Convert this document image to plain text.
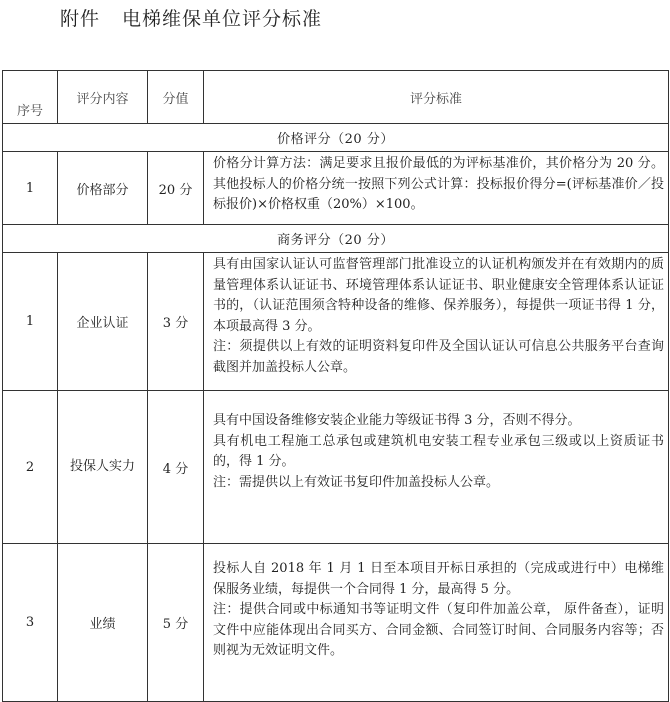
附件 电梯维保单位评分标准
序号	评分内容	分值	评分标准
价格评分（20 分）			
1	价格部分	20 分	价格分计算方法：满足要求且报价最低的为评标基准价，其价格分为 20 分。其他投标人的价格分统一按照下列公式计算：投标报价得分=(评标基准价／投标报价)×价格权重（20%）×100。

商务评分（20 分）			
1	企业认证	3 分	具有由国家认证认可监督管理部门批准设立的认证机构颁发并在有效期内的质量管理体系认证证书、环境管理体系认证证书、职业健康安全管理体系认证证书的，（认证范围须含特种设备的维修、保养服务），每提供一项证书得 1 分，本项最高得 3 分。
注：须提供以上有效的证明资料复印件及全国认证认可信息公共服务平台查询截图并加盖投标人公章。

2	投保人实力	4 分	具有中国设备维修安装企业能力等级证书得 3 分，否则不得分。
具有机电工程施工总承包或建筑机电安装工程专业承包三级或以上资质证书的，得 1 分。
注：需提供以上有效证书复印件加盖投标人公章。

3	业绩	5 分	投标人自 2018 年 1 月 1 日至本项目开标日承担的（完成或进行中）电梯维保服务业绩，每提供一个合同得 1 分，最高得 5 分。
注：提供合同或中标通知书等证明文件（复印件加盖公章， 原件备查），证明文件中应能体现出合同买方、合同金额、合同签订时间、合同服务内容等；否则视为无效证明文件。
